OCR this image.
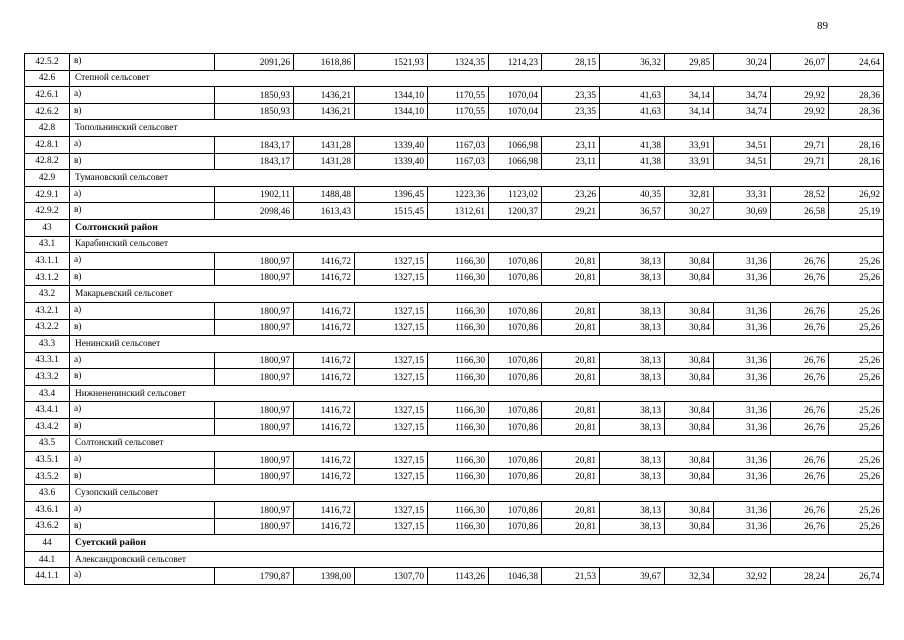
89
42.5.2	в)	2091,26	1618,86	1521,93	1324,35	1214,23	28,15	36,32	29,85	30,24	26,07	24,64
42.6	Степной сельсовет											
42.6.1	а)	1850,93	1436,21	1344,10	1170,55	1070,04	23,35	41,63	34,14	34,74	29,92	28,36
42.6.2	в)	1850,93	1436,21	1344,10	1170,55	1070,04	23,35	41,63	34,14	34,74	29,92	28,36
42.8	Топольнинский сельсовет											
42.8.1	а)	1843,17	1431,28	1339,40	1167,03	1066,98	23,11	41,38	33,91	34,51	29,71	28,16
42.8.2	в)	1843,17	1431,28	1339,40	1167,03	1066,98	23,11	41,38	33,91	34,51	29,71	28,16
42.9	Тумановский сельсовет											
42.9.1	а)	1902,11	1488,48	1396,45	1223,36	1123,02	23,26	40,35	32,81	33,31	28,52	26,92
42.9.2	в)	2098,46	1613,43	1515,45	1312,61	1200,37	29,21	36,57	30,27	30,69	26,58	25,19
43	Солтонский район											
43.1	Карабинский сельсовет											
43.1.1	а)	1800,97	1416,72	1327,15	1166,30	1070,86	20,81	38,13	30,84	31,36	26,76	25,26
43.1.2	в)	1800,97	1416,72	1327,15	1166,30	1070,86	20,81	38,13	30,84	31,36	26,76	25,26
43.2	Макарьевский сельсовет											
43.2.1	а)	1800,97	1416,72	1327,15	1166,30	1070,86	20,81	38,13	30,84	31,36	26,76	25,26
43.2.2	в)	1800,97	1416,72	1327,15	1166,30	1070,86	20,81	38,13	30,84	31,36	26,76	25,26
43.3	Ненинский сельсовет											
43.3.1	а)	1800,97	1416,72	1327,15	1166,30	1070,86	20,81	38,13	30,84	31,36	26,76	25,26
43.3.2	в)	1800,97	1416,72	1327,15	1166,30	1070,86	20,81	38,13	30,84	31,36	26,76	25,26
43.4	Нижнененинский сельсовет											
43.4.1	а)	1800,97	1416,72	1327,15	1166,30	1070,86	20,81	38,13	30,84	31,36	26,76	25,26
43.4.2	в)	1800,97	1416,72	1327,15	1166,30	1070,86	20,81	38,13	30,84	31,36	26,76	25,26
43.5	Солтонский сельсовет											
43.5.1	а)	1800,97	1416,72	1327,15	1166,30	1070,86	20,81	38,13	30,84	31,36	26,76	25,26
43.5.2	в)	1800,97	1416,72	1327,15	1166,30	1070,86	20,81	38,13	30,84	31,36	26,76	25,26
43.6	Сузопский сельсовет											
43.6.1	а)	1800,97	1416,72	1327,15	1166,30	1070,86	20,81	38,13	30,84	31,36	26,76	25,26
43.6.2	в)	1800,97	1416,72	1327,15	1166,30	1070,86	20,81	38,13	30,84	31,36	26,76	25,26
44	Суетский район											
44.1	Александровский сельсовет											
44.1.1	а)	1790,87	1398,00	1307,70	1143,26	1046,38	21,53	39,67	32,34	32,92	28,24	26,74
